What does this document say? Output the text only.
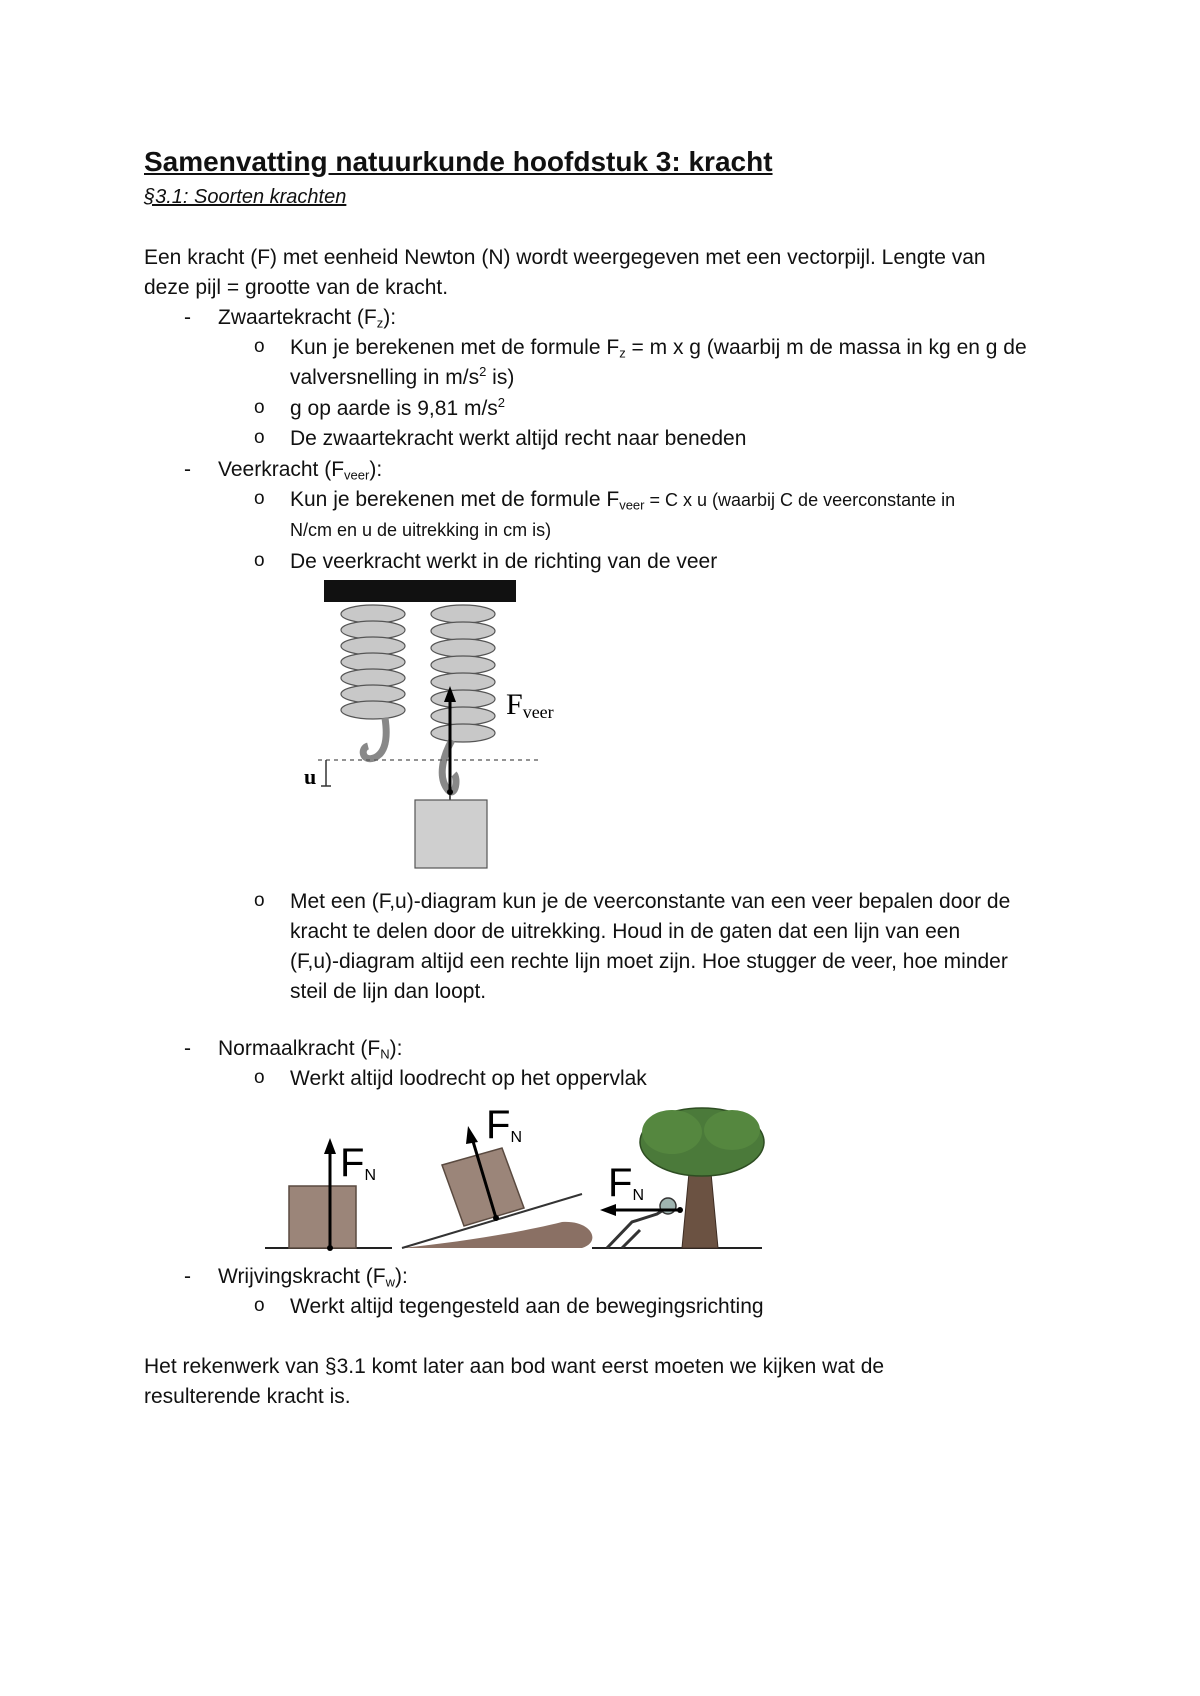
Samenvatting natuurkunde hoofdstuk 3: kracht
§3.1: Soorten krachten
Een kracht (F) met eenheid Newton (N) wordt weergegeven met een vectorpijl. Lengte van
deze pijl = grootte van de kracht.
- Zwaartekracht $(F_z)$:
o Kun je berekenen met de formule $F_z = m$ x g (waarbij m de massa in kg en g de
valversnelling in $m/s^2$ is)
o g op aarde is 9,81 $m/s^2$
o De zwaartekracht werkt altijd recht naar beneden
- Veerkracht $(F_{veer})$:
o Kun je berekenen met de formule $F_{veer} = C$ x u (waarbij C de veerconstante in
N/cm en u de uitrekking in cm is)
o De veerkracht werkt in de richting van de veer
u
Fveer
o Met een (F,u)-diagram kun je de veerconstante van een veer bepalen door de
kracht te delen door de uitrekking. Houd in de gaten dat een lijn van een
(F,u)-diagram altijd een rechte lijn moet zijn. Hoe stugger de veer, hoe minder
steil de lijn dan loopt.
- Normaalkracht $(F_N)$:
o Werkt altijd loodrecht op het oppervlak
FN
FN
FN
- Wrijvingskracht $(F_w)$:
o Werkt altijd tegengesteld aan de bewegingsrichting
Het rekenwerk van §3.1 komt later aan bod want eerst moeten we kijken wat de
resulterende kracht is.
